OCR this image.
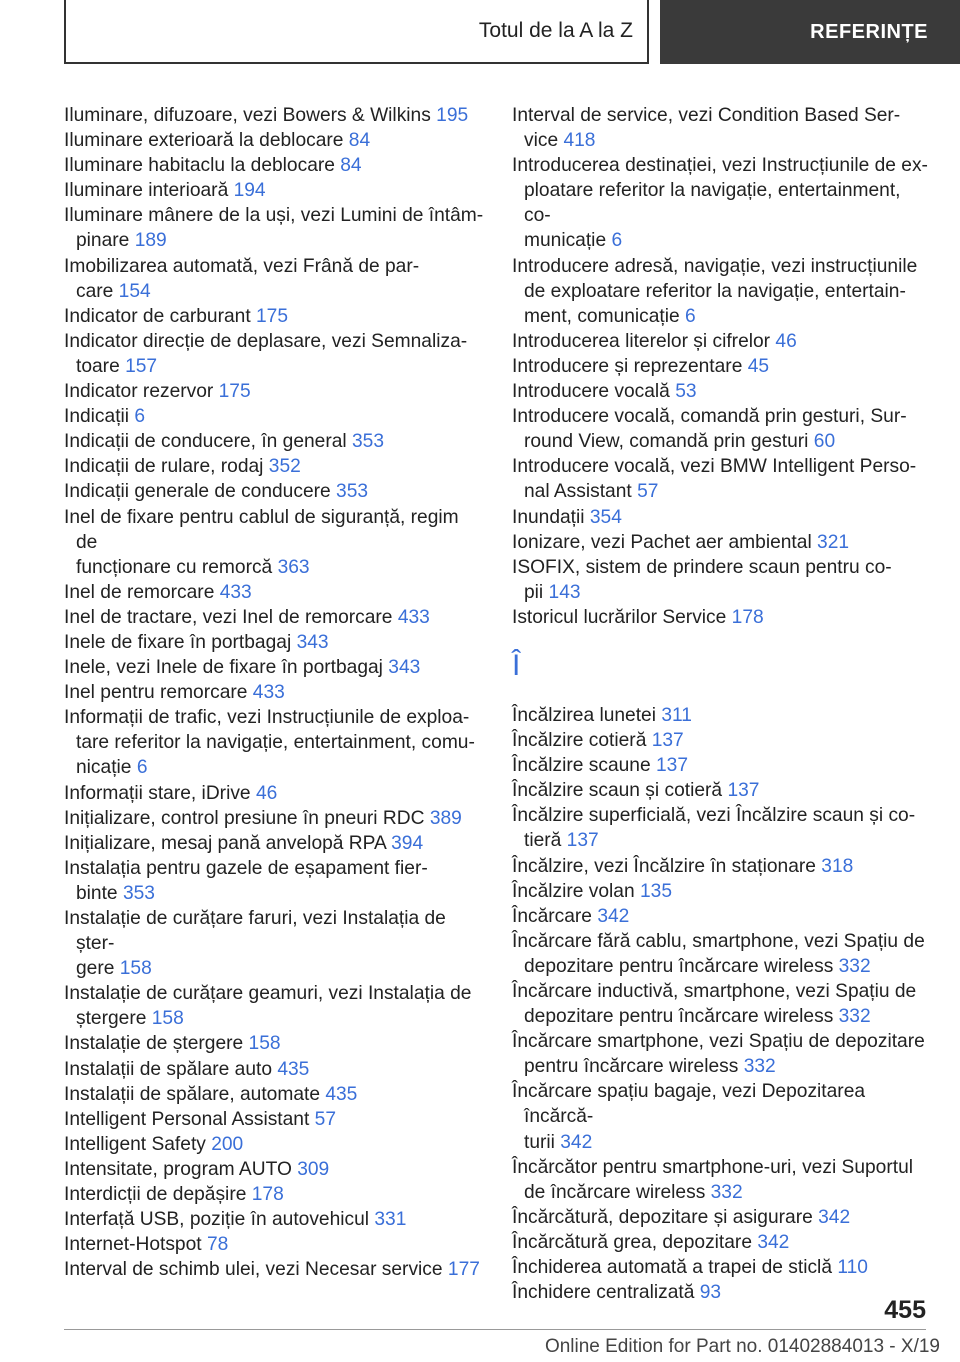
Totul de la A la Z	REFERINȚE
Iluminare, difuzoare, vezi Bowers & Wilkins 195
Iluminare exterioară la deblocare 84
Iluminare habitaclu la deblocare 84
Iluminare interioară 194
Iluminare mânere de la uși, vezi Lumini de întâm-
pinare 189
Imobilizarea automată, vezi Frână de par-
care 154
Indicator de carburant 175
Indicator direcție de deplasare, vezi Semnaliza-
toare 157
Indicator rezervor 175
Indicații 6
Indicații de conducere, în general 353
Indicații de rulare, rodaj 352
Indicații generale de conducere 353
Inel de fixare pentru cablul de siguranță, regim de
funcționare cu remorcă 363
Inel de remorcare 433
Inel de tractare, vezi Inel de remorcare 433
Inele de fixare în portbagaj 343
Inele, vezi Inele de fixare în portbagaj 343
Inel pentru remorcare 433
Informații de trafic, vezi Instrucțiunile de exploa-
tare referitor la navigație, entertainment, comu-
nicație 6
Informații stare, iDrive 46
Inițializare, control presiune în pneuri RDC 389
Inițializare, mesaj pană anvelopă RPA 394
Instalația pentru gazele de eșapament fier-
binte 353
Instalație de curățare faruri, vezi Instalația de șter-
gere 158
Instalație de curățare geamuri, vezi Instalația de
ștergere 158
Instalație de ștergere 158
Instalații de spălare auto 435
Instalații de spălare, automate 435
Intelligent Personal Assistant 57
Intelligent Safety 200
Intensitate, program AUTO 309
Interdicții de depășire 178
Interfață USB, poziție în autovehicul 331
Internet-Hotspot 78
Interval de schimb ulei, vezi Necesar service 177
Interval de service, vezi Condition Based Ser-
vice 418
Introducerea destinației, vezi Instrucțiunile de ex-
ploatare referitor la navigație, entertainment, co-
municație 6
Introducere adresă, navigație, vezi instrucțiunile
de exploatare referitor la navigație, entertain-
ment, comunicație 6
Introducerea literelor și cifrelor 46
Introducere și reprezentare 45
Introducere vocală 53
Introducere vocală, comandă prin gesturi, Sur-
round View, comandă prin gesturi 60
Introducere vocală, vezi BMW Intelligent Perso-
nal Assistant 57
Inundații 354
Ionizare, vezi Pachet aer ambiental 321
ISOFIX, sistem de prindere scaun pentru co-
pii 143
Istoricul lucrărilor Service 178
Î
Încălzirea lunetei 311
Încălzire cotieră 137
Încălzire scaune 137
Încălzire scaun și cotieră 137
Încălzire superficială, vezi Încălzire scaun și co-
tieră 137
Încălzire, vezi Încălzire în staționare 318
Încălzire volan 135
Încărcare 342
Încărcare fără cablu, smartphone, vezi Spațiu de
depozitare pentru încărcare wireless 332
Încărcare inductivă, smartphone, vezi Spațiu de
depozitare pentru încărcare wireless 332
Încărcare smartphone, vezi Spațiu de depozitare
pentru încărcare wireless 332
Încărcare spațiu bagaje, vezi Depozitarea încărcă-
turii 342
Încărcător pentru smartphone-uri, vezi Suportul
de încărcare wireless 332
Încărcătură, depozitare și asigurare 342
Încărcătură grea, depozitare 342
Închiderea automată a trapei de sticlă 110
Închidere centralizată 93
455
Online Edition for Part no. 01402884013 - X/19
